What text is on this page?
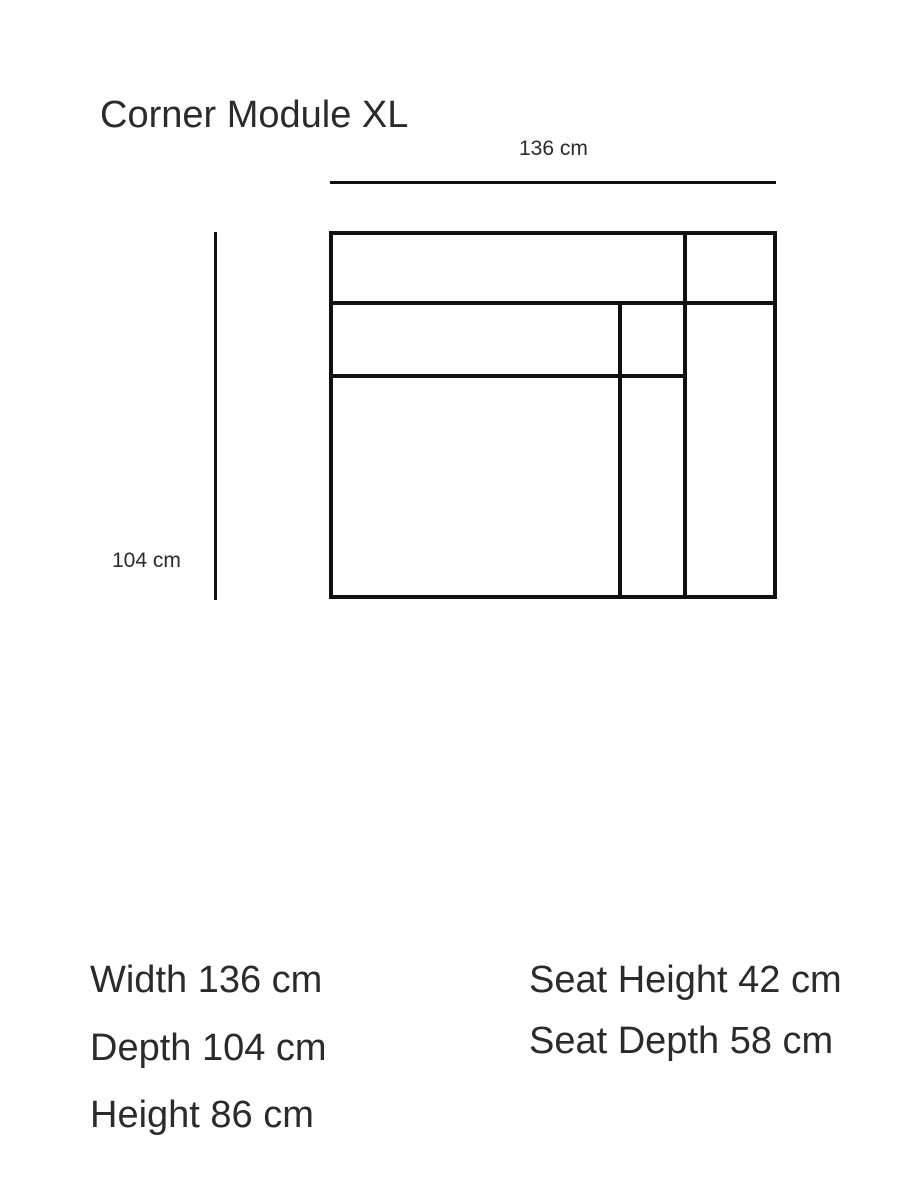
Corner Module XL
136 cm
104 cm
Width 136 cm
Depth 104 cm
Height 86 cm
Seat Height 42 cm
Seat Depth 58 cm
